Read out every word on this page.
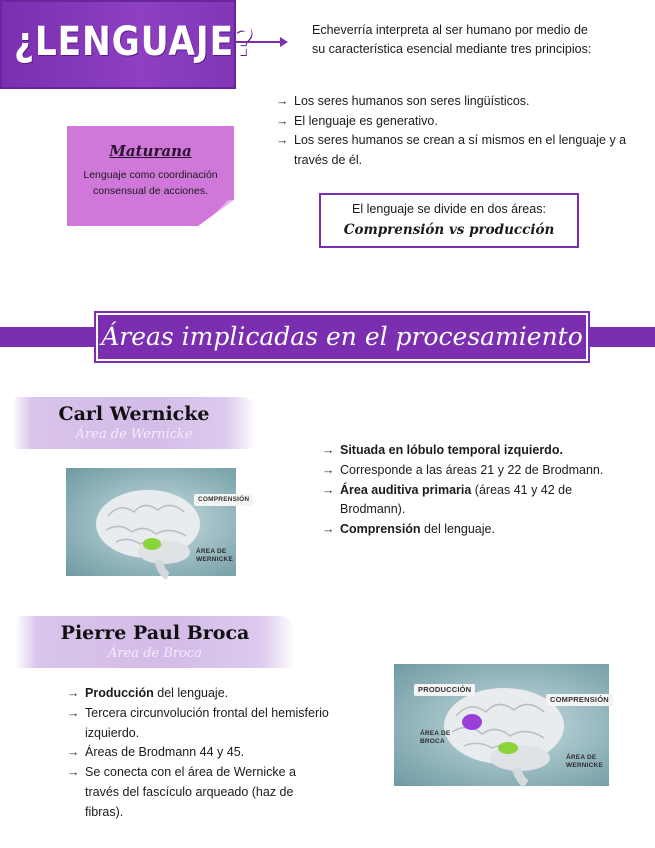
¿LENGUAJE?	Echeverría interpreta al ser humano por medio de su característica esencial mediante tres principios:

→ Los seres humanos son seres lingüísticos.
→ El lenguaje es generativo.
→ Los seres humanos se crean a sí mismos en el lenguaje y a través de él.
Maturana
Lenguaje como coordinación consensual de acciones.
El lenguaje se divide en dos áreas:
Comprensión vs producción
Áreas implicadas en el procesamiento
Carl Wernicke
Área de Wernicke
COMPRENSIÓN
ÁREA DE
WERNICKE
→ Situada en lóbulo temporal izquierdo.
→ Corresponde a las áreas 21 y 22 de Brodmann.
→ Área auditiva primaria (áreas 41 y 42 de Brodmann).
→ Comprensión del lenguaje.
Pierre Paul Broca
Área de Broca
→ Producción del lenguaje.
→ Tercera circunvolución frontal del hemisferio izquierdo.
→ Áreas de Brodmann 44 y 45.
→ Se conecta con el área de Wernicke a través del fascículo arqueado (haz de fibras).
PRODUCCIÓN
COMPRENSIÓN
ÁREA DE
BROCA
ÁREA DE
WERNICKE
